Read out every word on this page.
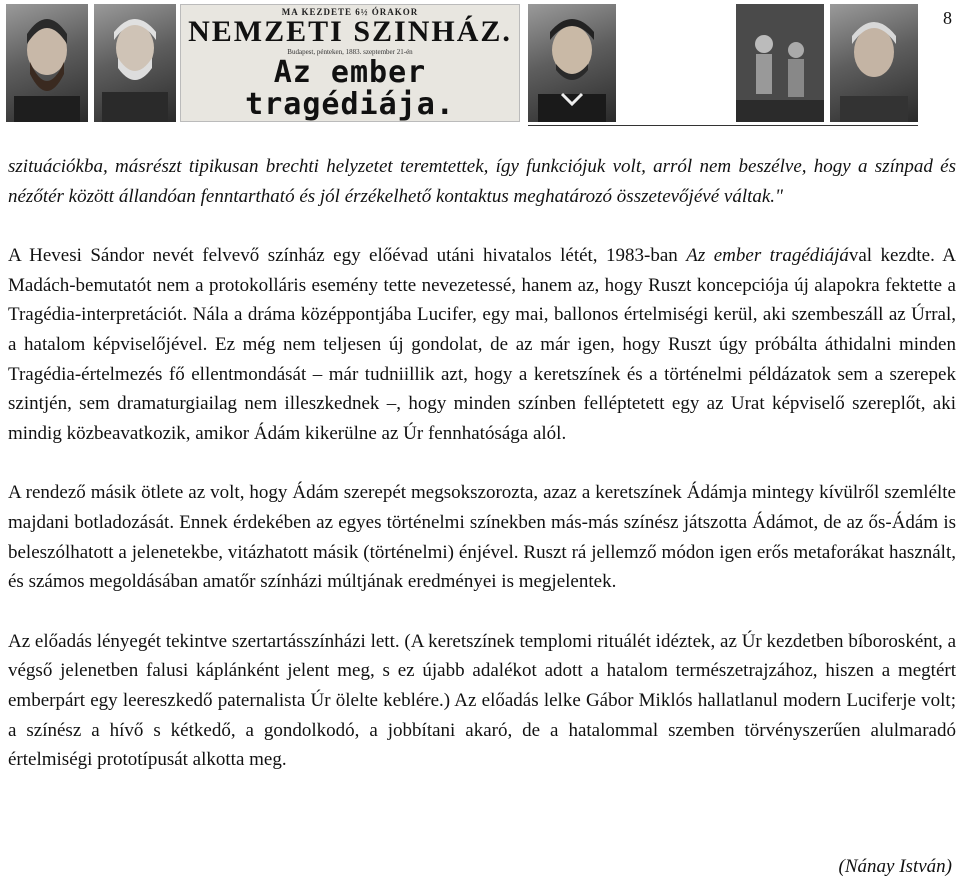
MA KEZDETE 6½ ÓRAKOR
NEMZETI SZINHÁZ.
Budapest, pénteken, 1883. szeptember 21-én
Az ember tragédiája.
8

szituációkba, másrészt tipikusan brechti helyzetet teremtettek, így funkciójuk volt, arról nem beszélve, hogy a színpad és nézőtér között állandóan fenntartható és jól érzékelhető kontaktus meghatározó összetevőjévé váltak."

A Hevesi Sándor nevét felvevő színház egy előévad utáni hivatalos létét, 1983-ban Az ember tragédiájával kezdte. A Madách-bemutatót nem a protokolláris esemény tette nevezetessé, hanem az, hogy Ruszt koncepciója új alapokra fektette a Tragédia-interpretációt. Nála a dráma középpontjába Lucifer, egy mai, ballonos értelmiségi kerül, aki szembeszáll az Úrral, a hatalom képviselőjével. Ez még nem teljesen új gondolat, de az már igen, hogy Ruszt úgy próbálta áthidalni minden Tragédia-értelmezés fő ellentmondását – már tudniillik azt, hogy a keretszínek és a történelmi példázatok sem a szerepek szintjén, sem dramaturgiailag nem illeszkednek –, hogy minden színben felléptetett egy az Urat képviselő szereplőt, aki mindig közbeavatkozik, amikor Ádám kikerülne az Úr fennhatósága alól.

A rendező másik ötlete az volt, hogy Ádám szerepét megsokszorozta, azaz a keretszínek Ádámja mintegy kívülről szemlélte majdani botladozását. Ennek érdekében az egyes történelmi színekben más-más színész játszotta Ádámot, de az ős-Ádám is beleszólhatott a jelenetekbe, vitázhatott másik (történelmi) énjével. Ruszt rá jellemző módon igen erős metaforákat használt, és számos megoldásában amatőr színházi múltjának eredményei is megjelentek.

Az előadás lényegét tekintve szertartásszínházi lett. (A keretszínek templomi rituálét idéztek, az Úr kezdetben bíborosként, a végső jelenetben falusi káplánként jelent meg, s ez újabb adalékot adott a hatalom természetrajzához, hiszen a megtért emberpárt egy leereszkedő paternalista Úr ölelte keblére.) Az előadás lelke Gábor Miklós hallatlanul modern Luciferje volt; a színész a hívő s kétkedő, a gondolkodó, a jobbítani akaró, de a hatalommal szemben törvényszerűen alulmaradó értelmiségi prototípusát alkotta meg.

(Nánay István)
